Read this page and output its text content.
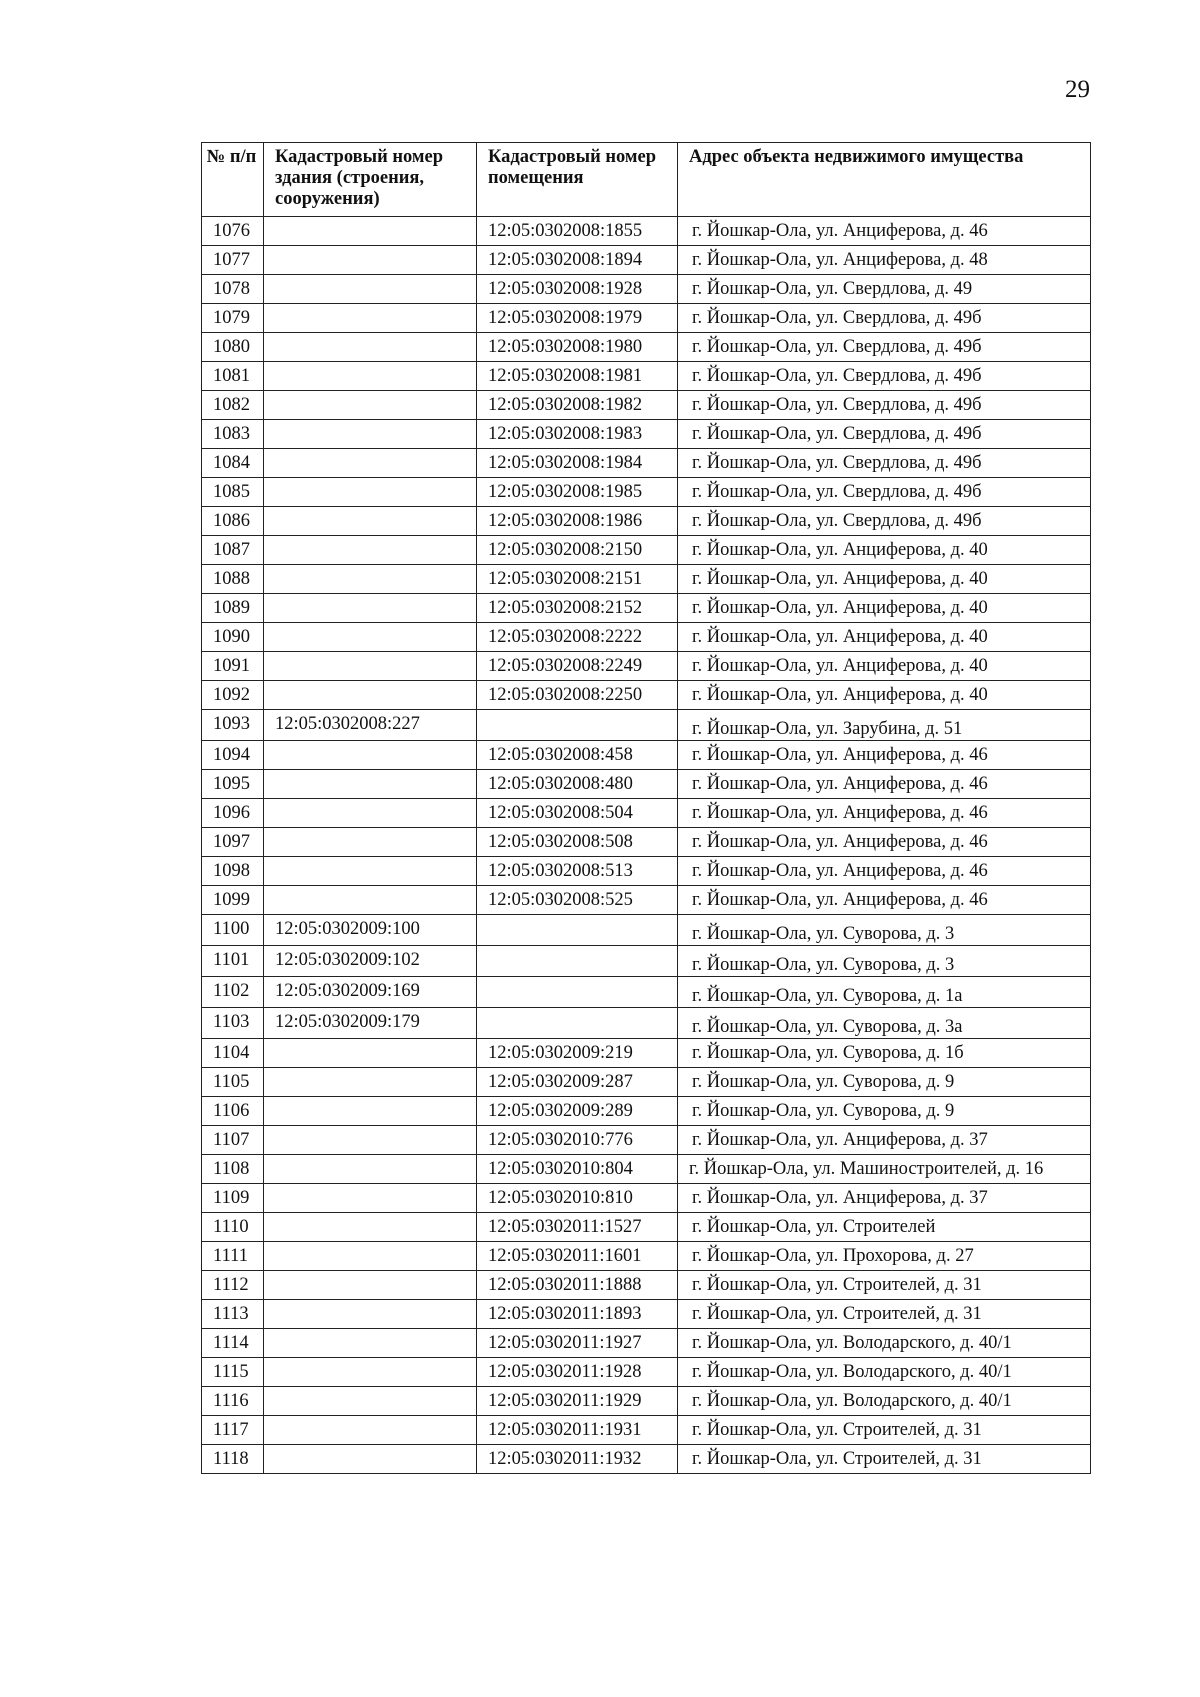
29
№ п/п	Кадастровый номер здания (строения, сооружения)	Кадастровый номер помещения	Адрес объекта недвижимого имущества
1076		12:05:0302008:1855	г. Йошкар-Ола, ул. Анциферова, д. 46
1077		12:05:0302008:1894	г. Йошкар-Ола, ул. Анциферова, д. 48
1078		12:05:0302008:1928	г. Йошкар-Ола, ул. Свердлова, д. 49
1079		12:05:0302008:1979	г. Йошкар-Ола, ул. Свердлова, д. 49б
1080		12:05:0302008:1980	г. Йошкар-Ола, ул. Свердлова, д. 49б
1081		12:05:0302008:1981	г. Йошкар-Ола, ул. Свердлова, д. 49б
1082		12:05:0302008:1982	г. Йошкар-Ола, ул. Свердлова, д. 49б
1083		12:05:0302008:1983	г. Йошкар-Ола, ул. Свердлова, д. 49б
1084		12:05:0302008:1984	г. Йошкар-Ола, ул. Свердлова, д. 49б
1085		12:05:0302008:1985	г. Йошкар-Ола, ул. Свердлова, д. 49б
1086		12:05:0302008:1986	г. Йошкар-Ола, ул. Свердлова, д. 49б
1087		12:05:0302008:2150	г. Йошкар-Ола, ул. Анциферова, д. 40
1088		12:05:0302008:2151	г. Йошкар-Ола, ул. Анциферова, д. 40
1089		12:05:0302008:2152	г. Йошкар-Ола, ул. Анциферова, д. 40
1090		12:05:0302008:2222	г. Йошкар-Ола, ул. Анциферова, д. 40
1091		12:05:0302008:2249	г. Йошкар-Ола, ул. Анциферова, д. 40
1092		12:05:0302008:2250	г. Йошкар-Ола, ул. Анциферова, д. 40
1093	12:05:0302008:227		г. Йошкар-Ола, ул. Зарубина, д. 51
1094		12:05:0302008:458	г. Йошкар-Ола, ул. Анциферова, д. 46
1095		12:05:0302008:480	г. Йошкар-Ола, ул. Анциферова, д. 46
1096		12:05:0302008:504	г. Йошкар-Ола, ул. Анциферова, д. 46
1097		12:05:0302008:508	г. Йошкар-Ола, ул. Анциферова, д. 46
1098		12:05:0302008:513	г. Йошкар-Ола, ул. Анциферова, д. 46
1099		12:05:0302008:525	г. Йошкар-Ола, ул. Анциферова, д. 46
1100	12:05:0302009:100		г. Йошкар-Ола, ул. Суворова, д. 3
1101	12:05:0302009:102		г. Йошкар-Ола, ул. Суворова, д. 3
1102	12:05:0302009:169		г. Йошкар-Ола, ул. Суворова, д. 1а
1103	12:05:0302009:179		г. Йошкар-Ола, ул. Суворова, д. 3а
1104		12:05:0302009:219	г. Йошкар-Ола, ул. Суворова, д. 1б
1105		12:05:0302009:287	г. Йошкар-Ола, ул. Суворова, д. 9
1106		12:05:0302009:289	г. Йошкар-Ола, ул. Суворова, д. 9
1107		12:05:0302010:776	г. Йошкар-Ола, ул. Анциферова, д. 37
1108		12:05:0302010:804	г. Йошкар-Ола, ул. Машиностроителей, д. 16
1109		12:05:0302010:810	г. Йошкар-Ола, ул. Анциферова, д. 37
1110		12:05:0302011:1527	г. Йошкар-Ола, ул. Строителей
1111		12:05:0302011:1601	г. Йошкар-Ола, ул. Прохорова, д. 27
1112		12:05:0302011:1888	г. Йошкар-Ола, ул. Строителей, д. 31
1113		12:05:0302011:1893	г. Йошкар-Ола, ул. Строителей, д. 31
1114		12:05:0302011:1927	г. Йошкар-Ола, ул. Володарского, д. 40/1
1115		12:05:0302011:1928	г. Йошкар-Ола, ул. Володарского, д. 40/1
1116		12:05:0302011:1929	г. Йошкар-Ола, ул. Володарского, д. 40/1
1117		12:05:0302011:1931	г. Йошкар-Ола, ул. Строителей, д. 31
1118		12:05:0302011:1932	г. Йошкар-Ола, ул. Строителей, д. 31
